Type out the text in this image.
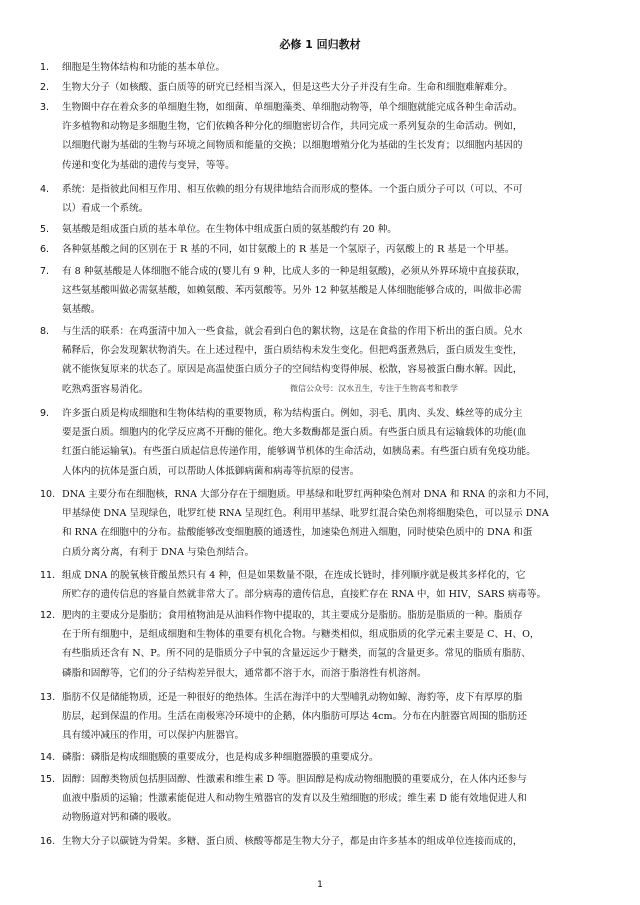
必修 1 回归教材
1.	细胞是生物体结构和功能的基本单位。
2.	生物大分子（如核酸、蛋白质等的研究已经相当深入，但是这些大分子并没有生命。生命和细胞难解难分。
3.	生物圈中存在着众多的单细胞生物，如细菌、单细胞藻类、单细胞动物等，单个细胞就能完成各种生命活动。
许多植物和动物是多细胞生物，它们依赖各种分化的细胞密切合作，共同完成一系列复杂的生命活动。例如，
以细胞代谢为基础的生物与环境之间物质和能量的交换；以细胞增殖分化为基础的生长发育；以细胞内基因的
传递和变化为基础的遗传与变异，等等。
4.	系统：是指彼此间相互作用、相互依赖的组分有规律地结合而形成的整体。一个蛋白质分子可以（可以、不可
以）看成一个系统。
5.	氨基酸是组成蛋白质的基本单位。在生物体中组成蛋白质的氨基酸约有 20 种。
6.	各种氨基酸之间的区别在于 R 基的不同，如甘氨酸上的 R 基是一个氢原子，丙氨酸上的 R 基是一个甲基。
7.	有 8 种氨基酸是人体细胞不能合成的(婴儿有 9 种，比成人多的一种是组氨酸)，必须从外界环境中直接获取，
这些氨基酸叫做必需氨基酸，如赖氨酸、苯丙氨酸等。另外 12 种氨基酸是人体细胞能够合成的，叫做非必需
氨基酸。
8.	与生活的联系：在鸡蛋清中加入一些食盐，就会看到白色的絮状物，这是在食盐的作用下析出的蛋白质。兑水
稀释后，你会发现絮状物消失。在上述过程中，蛋白质结构未发生变化。但把鸡蛋煮熟后，蛋白质发生变性，
就不能恢复原来的状态了。原因是高温使蛋白质分子的空间结构变得伸展、松散，容易被蛋白酶水解。因此，
吃熟鸡蛋容易消化。
9.	许多蛋白质是构成细胞和生物体结构的重要物质，称为结构蛋白。例如，羽毛、肌肉、头发、蛛丝等的成分主
要是蛋白质。细胞内的化学反应离不开酶的催化。绝大多数酶都是蛋白质。有些蛋白质具有运输载体的功能(血
红蛋白能运输氧)。有些蛋白质起信息传递作用，能够调节机体的生命活动，如胰岛素。有些蛋白质有免疫功能。
人体内的抗体是蛋白质，可以帮助人体抵御病菌和病毒等抗原的侵害。
10. DNA 主要分布在细胞核，RNA 大部分存在于细胞质。甲基绿和吡罗红两种染色剂对 DNA 和 RNA 的亲和力不同，
甲基绿使 DNA 呈现绿色，吡罗红使 RNA 呈现红色。利用甲基绿、吡罗红混合染色剂将细胞染色，可以显示 DNA
和 RNA 在细胞中的分布。盐酸能够改变细胞膜的通透性，加速染色剂进入细胞，同时使染色质中的 DNA 和蛋
白质分离分离，有利于 DNA 与染色剂结合。
11. 组成 DNA 的脱氧核苷酸虽然只有 4 种，但是如果数量不限，在连成长链时，排列顺序就是极其多样化的，它
所贮存的遗传信息的容量自然就非常大了。部分病毒的遗传信息，直接贮存在 RNA 中，如 HIV，SARS 病毒等。
12. 肥肉的主要成分是脂肪；食用植物油是从油料作物中提取的，其主要成分是脂肪。脂肪是脂质的一种。脂质存
在于所有细胞中，是组成细胞和生物体的重要有机化合物。与糖类相似，组成脂质的化学元素主要是 C、H、O，
有些脂质还含有 N、P。所不同的是脂质分子中氧的含量远远少于糖类，而氢的含量更多。常见的脂质有脂肪、
磷脂和固醇等，它们的分子结构差异很大，通常都不溶于水，而溶于脂溶性有机溶剂。
13. 脂肪不仅是储能物质，还是一种很好的绝热体。生活在海洋中的大型哺乳动物如鲸、海豹等，皮下有厚厚的脂
肪层，起到保温的作用。生活在南极寒冷环境中的企鹅，体内脂肪可厚达 4cm。分布在内脏器官周围的脂肪还
具有缓冲减压的作用，可以保护内脏器官。
14. 磷脂：磷脂是构成细胞膜的重要成分，也是构成多种细胞器膜的重要成分。
15. 固醇：固醇类物质包括胆固醇、性激素和维生素 D 等。胆固醇是构成动物细胞膜的重要成分，在人体内还参与
血液中脂质的运输；性激素能促进人和动物生殖器官的发育以及生殖细胞的形成；维生素 D 能有效地促进人和
动物肠道对钙和磷的吸收。
16. 生物大分子以碳链为骨架。多糖、蛋白质、核酸等都是生物大分子，都是由许多基本的组成单位连接而成的，
微信公众号：汉水丑生，专注于生物高考和教学
1
